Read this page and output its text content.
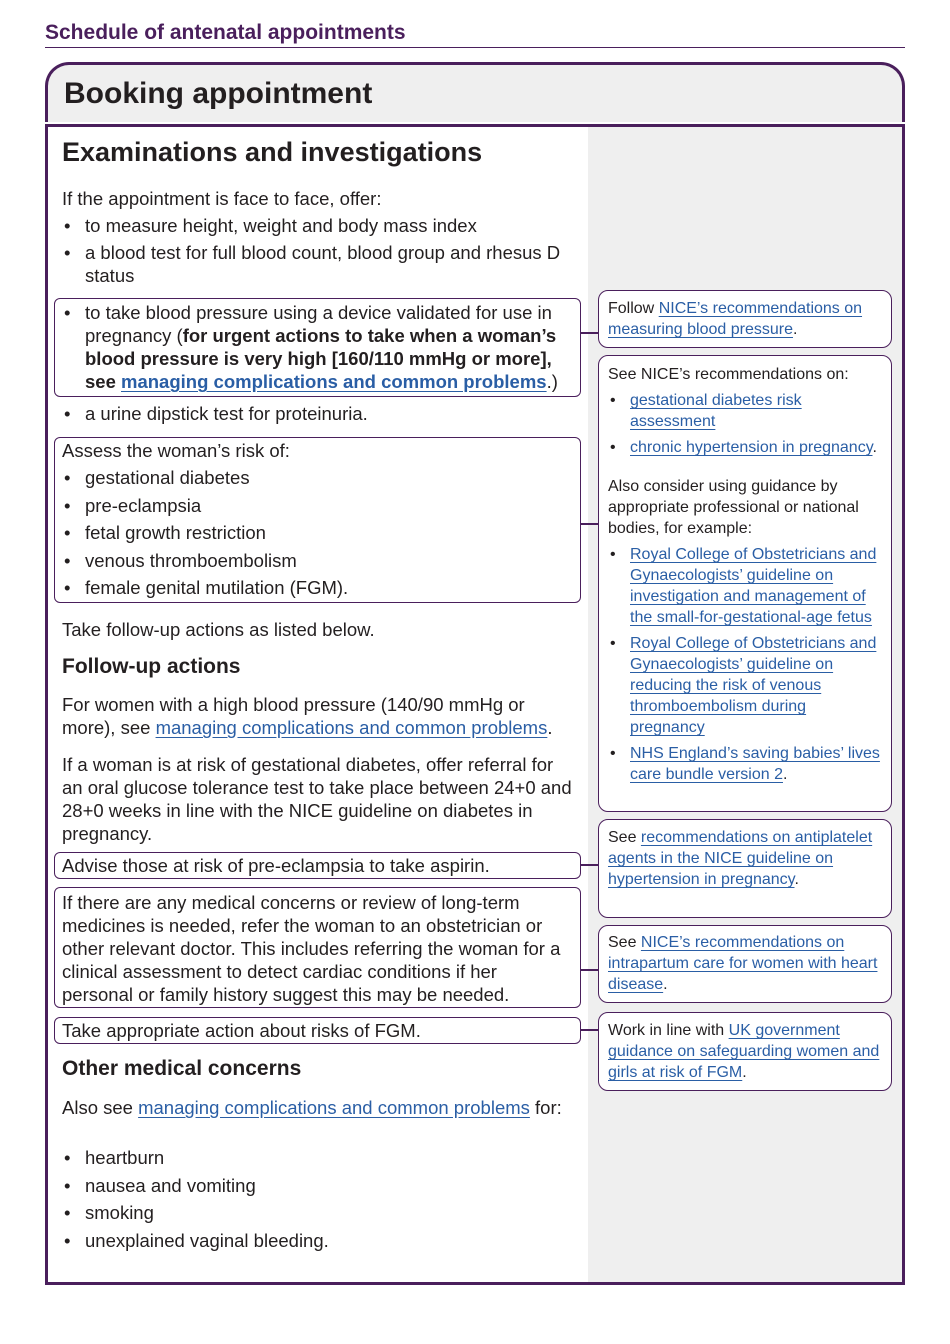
Schedule of antenatal appointments
Booking appointment
Examinations and investigations
If the appointment is face to face, offer:
• to measure height, weight and body mass index
• a blood test for full blood count, blood group and rhesus D status
• to take blood pressure using a device validated for use in pregnancy (for urgent actions to take when a woman’s blood pressure is very high [160/110 mmHg or more], see managing complications and common problems.)
• a urine dipstick test for proteinuria.
Assess the woman’s risk of:
• gestational diabetes
• pre-eclampsia
• fetal growth restriction
• venous thromboembolism
• female genital mutilation (FGM).
Take follow-up actions as listed below.
Follow-up actions
For women with a high blood pressure (140/90 mmHg or more), see managing complications and common problems.
If a woman is at risk of gestational diabetes, offer referral for an oral glucose tolerance test to take place between 24+0 and 28+0 weeks in line with the NICE guideline on diabetes in pregnancy.
Advise those at risk of pre-eclampsia to take aspirin.
If there are any medical concerns or review of long-term medicines is needed, refer the woman to an obstetrician or other relevant doctor. This includes referring the woman for a clinical assessment to detect cardiac conditions if her personal or family history suggest this may be needed.
Take appropriate action about risks of FGM.
Other medical concerns
Also see managing complications and common problems for:
• heartburn
• nausea and vomiting
• smoking
• unexplained vaginal bleeding.
Follow NICE’s recommendations on measuring blood pressure.
See NICE’s recommendations on:
• gestational diabetes risk assessment
• chronic hypertension in pregnancy.
Also consider using guidance by appropriate professional or national bodies, for example:
• Royal College of Obstetricians and Gynaecologists’ guideline on investigation and management of the small-for-gestational-age fetus
• Royal College of Obstetricians and Gynaecologists’ guideline on reducing the risk of venous thromboembolism during pregnancy
• NHS England’s saving babies’ lives care bundle version 2.
See recommendations on antiplatelet agents in the NICE guideline on hypertension in pregnancy.
See NICE’s recommendations on intrapartum care for women with heart disease.
Work in line with UK government guidance on safeguarding women and girls at risk of FGM.
